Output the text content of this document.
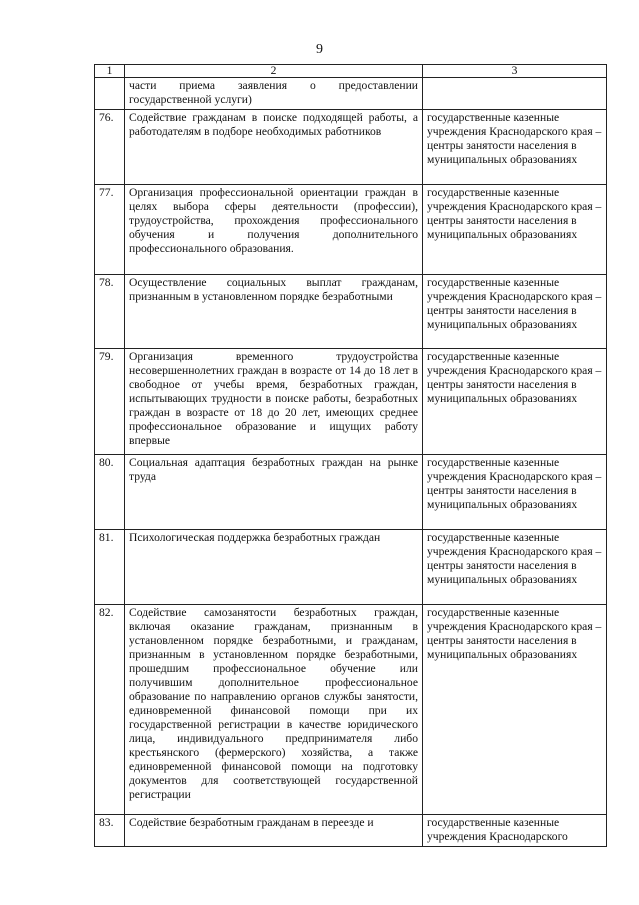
9
1	2	3
	части приема заявления о предоставлении государственной услуги)	
76.	Содействие гражданам в поиске подходящей работы, а работодателям в подборе необходимых работников	государственные казенные учреждения Краснодарского края – центры занятости населения в муниципальных образованиях
77.	Организация профессиональной ориентации граждан в целях выбора сферы деятельности (профессии), трудоустройства, прохождения профессионального обучения и получения дополнительного профессионального образования.	государственные казенные учреждения Краснодарского края – центры занятости населения в муниципальных образованиях
78.	Осуществление социальных выплат гражданам, признанным в установленном порядке безработными	государственные казенные учреждения Краснодарского края – центры занятости населения в муниципальных образованиях
79.	Организация временного трудоустройства несовершеннолетних граждан в возрасте от 14 до 18 лет в свободное от учебы время, безработных граждан, испытывающих трудности в поиске работы, безработных граждан в возрасте от 18 до 20 лет, имеющих среднее профессиональное образование и ищущих работу впервые	государственные казенные учреждения Краснодарского края – центры занятости населения в муниципальных образованиях
80.	Социальная адаптация безработных граждан на рынке труда	государственные казенные учреждения Краснодарского края – центры занятости населения в муниципальных образованиях
81.	Психологическая поддержка безработных граждан	государственные казенные учреждения Краснодарского края – центры занятости населения в муниципальных образованиях
82.	Содействие самозанятости безработных граждан, включая оказание гражданам, признанным в установленном порядке безработными, и гражданам, признанным в установленном порядке безработными, прошедшим профессиональное обучение или получившим дополнительное профессиональное образование по направлению органов службы занятости, единовременной финансовой помощи при их государственной регистрации в качестве юридического лица, индивидуального предпринимателя либо крестьянского (фермерского) хозяйства, а также единовременной финансовой помощи на подготовку документов для соответствующей государственной регистрации	государственные казенные учреждения Краснодарского края – центры занятости населения в муниципальных образованиях
83.	Содействие безработным гражданам в переезде и	государственные казенные учреждения Краснодарского
